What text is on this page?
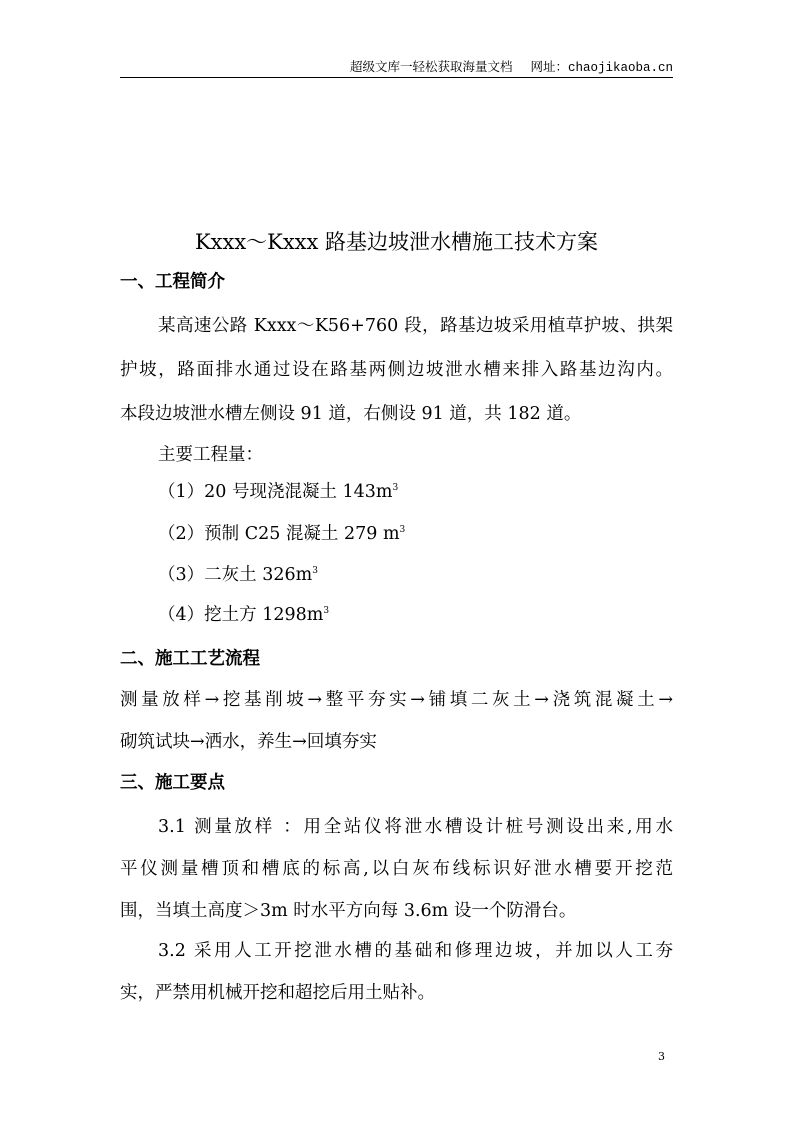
超级文库一轻松获取海量文档 网址：chaojikaoba.cn
Kxxx～Kxxx 路基边坡泄水槽施工技术方案
一、工程简介
某高速公路 Kxxx～K56+760 段，路基边坡采用植草护坡、拱架
护坡，路面排水通过设在路基两侧边坡泄水槽来排入路基边沟内。
本段边坡泄水槽左侧设 91 道，右侧设 91 道，共 182 道。
主要工程量：
（1）20 号现浇混凝土 $143m^3$
（2）预制 C25 混凝土 279 $m^3$
（3）二灰土 $326m^3$
（4）挖土方 $1298m^3$
二、施工工艺流程
测量放样→挖基削坡→整平夯实→铺填二灰土→浇筑混凝土→
砌筑试块→洒水，养生→回填夯实
三、施工要点
3.1 测量放样 ：用全站仪将泄水槽设计桩号测设出来,用水
平仪测量槽顶和槽底的标高,以白灰布线标识好泄水槽要开挖范
围，当填土高度＞3m 时水平方向每 3.6m 设一个防滑台。
3.2 采用人工开挖泄水槽的基础和修理边坡，并加以人工夯
实，严禁用机械开挖和超挖后用土贴补。
3
